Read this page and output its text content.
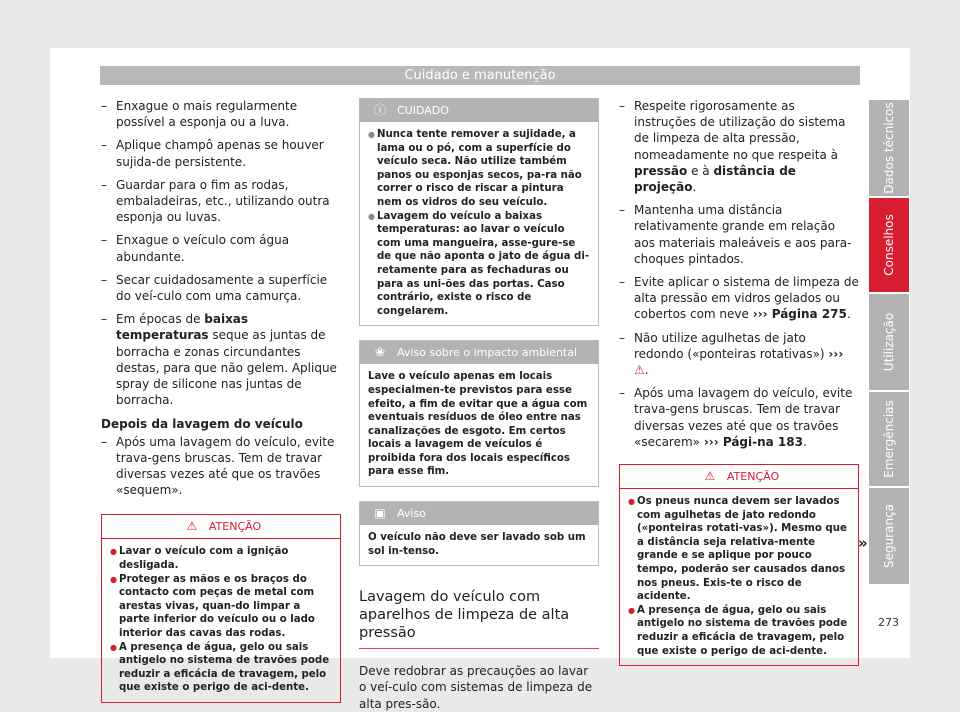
Cuidado e manutenção
– Enxague o mais regularmente possível a esponja ou a luva.
– Aplique champô apenas se houver sujida-de persistente.
– Guardar para o fim as rodas, embaladeiras, etc., utilizando outra esponja ou luvas.
– Enxague o veículo com água abundante.
– Secar cuidadosamente a superfície do veí-culo com uma camurça.
– Em épocas de baixas temperaturas seque as juntas de borracha e zonas circundantes destas, para que não gelem. Aplique spray de silicone nas juntas de borracha.
Depois da lavagem do veículo
– Após uma lavagem do veículo, evite trava-gens bruscas. Tem de travar diversas vezes até que os travões «sequem».
⚠	ATENÇÃO
● Lavar o veículo com a ignição desligada.
● Proteger as mãos e os braços do contacto com peças de metal com arestas vivas, quan-do limpar a parte inferior do veículo ou o lado interior das cavas das rodas.
● A presença de água, gelo ou sais antigelo no sistema de travões pode reduzir a eficácia de travagem, pelo que existe o perigo de aci-dente.
ⓘ	CUIDADO
● Nunca tente remover a sujidade, a lama ou o pó, com a superfície do veículo seca. Não utilize também panos ou esponjas secos, pa-ra não correr o risco de riscar a pintura nem os vidros do seu veículo.
● Lavagem do veículo a baixas temperaturas: ao lavar o veículo com uma mangueira, asse-gure-se de que não aponta o jato de água di-retamente para as fechaduras ou para as uni-ões das portas. Caso contrário, existe o risco de congelarem.
❀	Aviso sobre o impacto ambiental
Lave o veículo apenas em locais especialmen-te previstos para esse efeito, a fim de evitar que a água com eventuais resíduos de óleo entre nas canalizações de esgoto. Em certos locais a lavagem de veículos é proibida fora dos locais específicos para esse fim.
▣	Aviso
O veículo não deve ser lavado sob um sol in-tenso.
Lavagem do veículo com aparelhos de limpeza de alta pressão
Deve redobrar as precauções ao lavar o veí-culo com sistemas de limpeza de alta pres-são.
– Respeite rigorosamente as instruções de utilização do sistema de limpeza de alta pressão, nomeadamente no que respeita à pressão e à distância de projeção.
– Mantenha uma distância relativamente grande em relação aos materiais maleáveis e aos para-choques pintados.
– Evite aplicar o sistema de limpeza de alta pressão em vidros gelados ou cobertos com neve ››› Página 275.
– Não utilize agulhetas de jato redondo («ponteiras rotativas») ››› ⚠.
– Após uma lavagem do veículo, evite trava-gens bruscas. Tem de travar diversas vezes até que os travões «secarem» ››› Pági-na 183.
⚠	ATENÇÃO
● Os pneus nunca devem ser lavados com agulhetas de jato redondo («ponteiras rotati-vas»). Mesmo que a distância seja relativa-mente grande e se aplique por pouco tempo, poderão ser causados danos nos pneus. Exis-te o risco de acidente.
● A presença de água, gelo ou sais antigelo no sistema de travões pode reduzir a eficácia de travagem, pelo que existe o perigo de aci-dente.
»
Dados técnicos
Conselhos
Utilização
Emergências
Segurança
273
